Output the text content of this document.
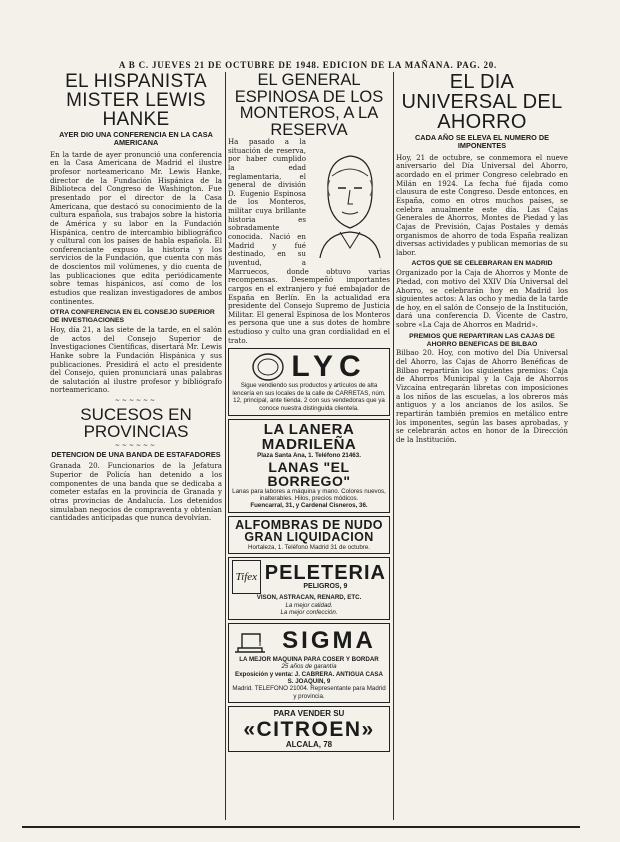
A B C. JUEVES 21 DE OCTUBRE DE 1948. EDICION DE LA MAÑANA. PAG. 20.
EL HISPANISTA MISTER LEWIS HANKE
AYER DIO UNA CONFERENCIA EN LA CASA AMERICANA

En la tarde de ayer pronunció una conferencia en la Casa Americana de Madrid el ilustre profesor norteamericano Mr. Lewis Hanke, director de la Fundación Hispánica de la Biblioteca del Congreso de Washington. Fue presentado por el director de la Casa Americana, que destacó su conocimiento de la cultura española, sus trabajos sobre la historia de América y su labor en la Fundación Hispánica, centro de intercambio bibliográfico y cultural con los países de habla española. El conferenciante expuso la historia y los servicios de la Fundación, que cuenta con más de doscientos mil volúmenes, y dio cuenta de las publicaciones que edita periódicamente sobre temas hispánicos, así como de los estudios que realizan investigadores de ambos continentes.

OTRA CONFERENCIA EN EL CONSEJO SUPERIOR DE INVESTIGACIONES

Hoy, día 21, a las siete de la tarde, en el salón de actos del Consejo Superior de Investigaciones Científicas, disertará Mr. Lewis Hanke sobre la Fundación Hispánica y sus publicaciones. Presidirá el acto el presidente del Consejo, quien pronunciará unas palabras de salutación al ilustre profesor y bibliógrafo norteamericano.

~~~~~~
SUCESOS EN PROVINCIAS
~~~~~~
DETENCION DE UNA BANDA DE ESTAFADORES

Granada 20. Funcionarios de la Jefatura Superior de Policía han detenido a los componentes de una banda que se dedicaba a cometer estafas en la provincia de Granada y otras provincias de Andalucía. Los detenidos simulaban negocios de compraventa y obtenían cantidades anticipadas que nunca devolvían.

EL GENERAL ESPINOSA DE LOS MONTEROS, A LA RESERVA

Ha pasado a la situación de reserva, por haber cumplido la edad reglamentaria, el general de división D. Eugenio Espinosa de los Monteros, militar cuya brillante historia es sobradamente conocida. Nació en Madrid y fué destinado, en su juventud, a Marruecos, donde obtuvo varias recompensas. Desempeñó importantes cargos en el extranjero y fué embajador de España en Berlín. En la actualidad era presidente del Consejo Supremo de Justicia Militar. El general Espinosa de los Monteros es persona que une a sus dotes de hombre estudioso y culto una gran cordialidad en el trato.

LYC
Sigue vendiendo sus productos y artículos de alta lencería en sus locales de la calle de CARRETAS, núm. 12, principal, ante tienda. 2 con sus vendedoras que ya conoce nuestra distinguida clientela.
LA LANERA MADRILEÑA
Plaza Santa Ana, 1. Teléfono 21463.
LANAS "EL BORREGO"
Lanas para labores a máquina y mano. Colores nuevos, inalterables. Hilos, precios módicos.
Fuencarral, 31, y Cardenal Cisneros, 36.
ALFOMBRAS DE NUDO
GRAN LIQUIDACION
Hortaleza, 1. Teléfono Madrid 31 de octubre.
Tifex PELETERIA
PELIGROS, 9
VISON, ASTRACAN, RENARD, ETC.
La mejor calidad.
La mejor confección.
SIGMA
LA MEJOR MAQUINA PARA COSER Y BORDAR
25 años de garantía
Exposición y venta: J. CABRERA. ANTIGUA CASA S. JOAQUIN, 9
Madrid. TELEFONO 21004. Representante para Madrid y provincia.
PARA VENDER SU
«CITROEN»
ALCALA, 78
EL DIA UNIVERSAL DEL AHORRO
CADA AÑO SE ELEVA EL NUMERO DE IMPONENTES

Hoy, 21 de octubre, se conmemora el nueve aniversario del Día Universal del Ahorro, acordado en el primer Congreso celebrado en Milán en 1924. La fecha fué fijada como clausura de este Congreso. Desde entonces, en España, como en otros muchos países, se celebra anualmente este día. Las Cajas Generales de Ahorros, Montes de Piedad y las Cajas de Previsión, Cajas Postales y demás organismos de ahorro de toda España realizan diversas actividades y publican memorias de su labor.

ACTOS QUE SE CELEBRARAN EN MADRID

Organizado por la Caja de Ahorros y Monte de Piedad, con motivo del XXIV Día Universal del Ahorro, se celebrarán hoy en Madrid los siguientes actos: A las ocho y media de la tarde de hoy, en el salón de Consejo de la Institución, dará una conferencia D. Vicente de Castro, sobre «La Caja de Ahorros en Madrid».

PREMIOS QUE REPARTIRAN LAS CAJAS DE AHORRO BENEFICAS DE BILBAO

Bilbao 20. Hoy, con motivo del Día Universal del Ahorro, las Cajas de Ahorro Benéficas de Bilbao repartirán los siguientes premios: Caja de Ahorros Municipal y la Caja de Ahorros Vizcaína entregarán libretas con imposiciones a los niños de las escuelas, a los obreros más antiguos y a los ancianos de los asilos. Se repartirán también premios en metálico entre los imponentes, según las bases aprobadas, y se celebrarán actos en honor de la Dirección de la Institución.
